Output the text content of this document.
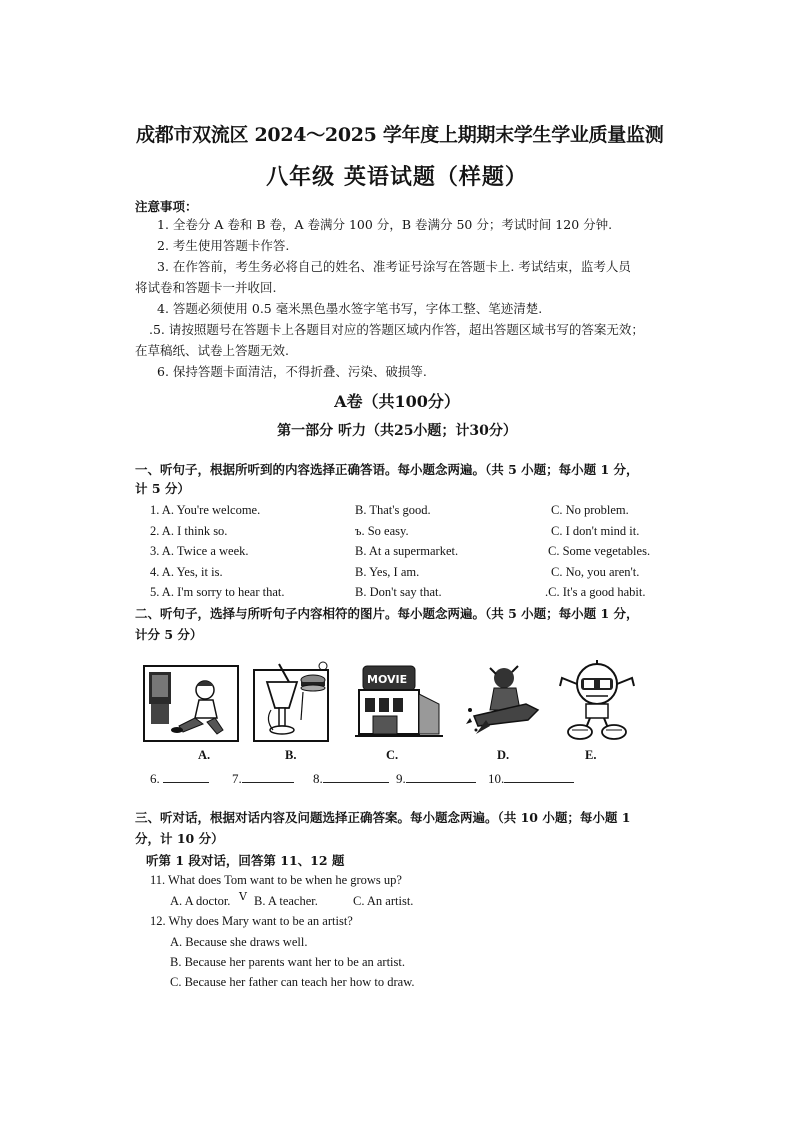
成都市双流区 2024～2025 学年度上期期末学生学业质量监测
八年级 英语试题（样题）
注意事项：
1. 全卷分 A 卷和 B 卷，A 卷满分 100 分，B 卷满分 50 分；考试时间 120 分钟.
2. 考生使用答题卡作答.
3. 在作答前，考生务必将自己的姓名、准考证号涂写在答题卡上. 考试结束，监考人员
将试卷和答题卡一并收回.
4. 答题必须使用 0.5 毫米黑色墨水签字笔书写，字体工整、笔迹清楚.
.5. 请按照题号在答题卡上各题目对应的答题区域内作答，超出答题区域书写的答案无效；
在草稿纸、试卷上答题无效.
6. 保持答题卡面清洁，不得折叠、污染、破损等.
A卷（共100分）
第一部分 听力（共25小题；计30分）
一、听句子，根据所听到的内容选择正确答语。每小题念两遍。（共 5 小题；每小题 1 分，
计 5 分）
1. A. You're welcome.	B. That's good.	C. No problem.
2. A. I think so.	ъ. So easy.	C. I don't mind it.
3. A. Twice a week.	B. At a supermarket.	C. Some vegetables.
4. A. Yes, it is.	B. Yes, I am.	C. No, you aren't.
5. A. I'm sorry to hear that.	B. Don't say that.	.C. It's a good habit.
二、听句子，选择与所听句子内容相符的图片。每小题念两遍。（共 5 小题；每小题 1 分，
计分 5 分）
MOVIE
A.	B.	C.	D.	E.
6.	7.	8.	9.	10.
三、听对话，根据对话内容及问题选择正确答案。每小题念两遍。（共 10 小题；每小题 1
分，计 10 分）
听第 1 段对话，回答第 11、12 题
11. What does Tom want to be when he grows up?
A. A doctor. V B. A teacher.	C. An artist.
12. Why does Mary want to be an artist?
A. Because she draws well.
B. Because her parents want her to be an artist.
C. Because her father can teach her how to draw.
